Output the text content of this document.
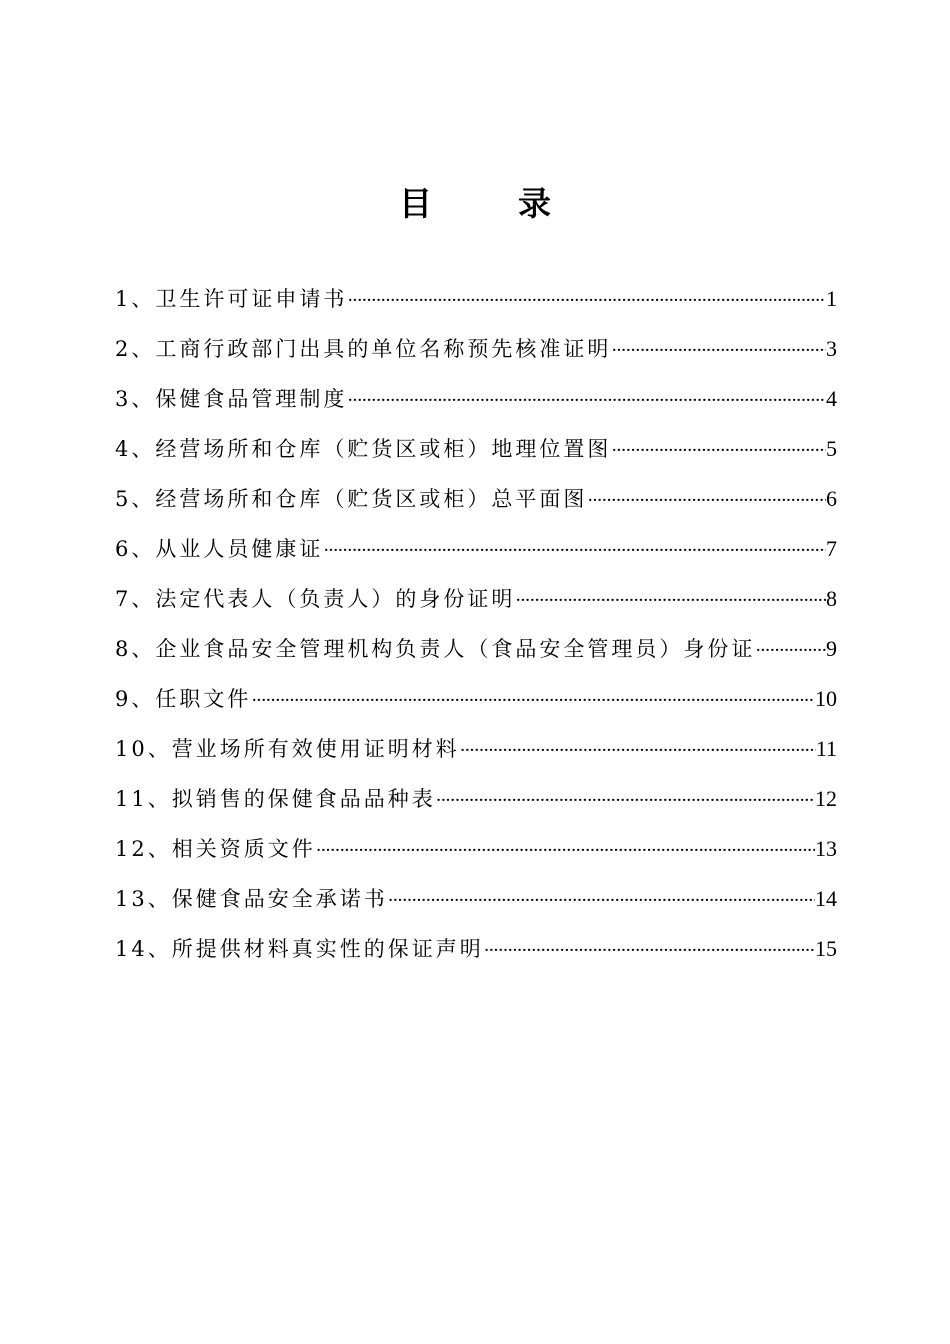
目	录
1、卫生许可证申请书 ·····	1
2、工商行政部门出具的单位名称预先核准证明 ·····	3
3、保健食品管理制度 ·····	4
4、经营场所和仓库（贮货区或柜）地理位置图 ·····	5
5、经营场所和仓库（贮货区或柜）总平面图 ·····	6
6、从业人员健康证 ·····	7
7、法定代表人（负责人）的身份证明 ·····	8
8、企业食品安全管理机构负责人（食品安全管理员）身份证 ·····	9
9、任职文件 ·····	10
10、营业场所有效使用证明材料 ·····	11
11、拟销售的保健食品品种表 ·····	12
12、相关资质文件 ·····	13
13、保健食品安全承诺书 ·····	14
14、所提供材料真实性的保证声明 ·····	15
